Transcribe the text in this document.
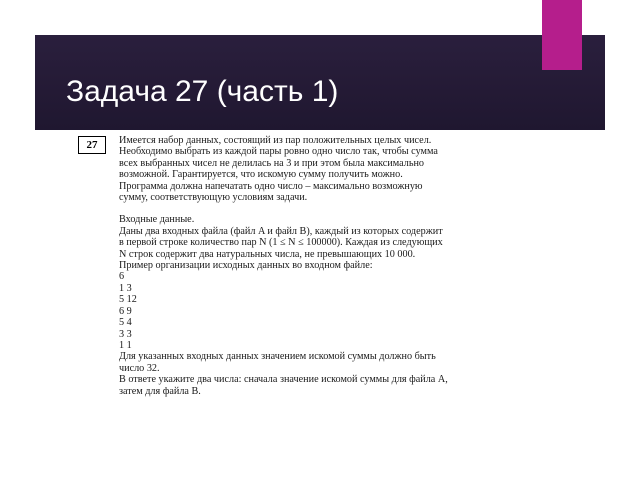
Задача 27 (часть 1)
27	Имеется набор данных, состоящий из пар положительных целых чисел.

Необходимо выбрать из каждой пары ровно одно число так, чтобы сумма

всех выбранных чисел не делилась на 3 и при этом была максимально

возможной. Гарантируется, что искомую сумму получить можно.

Программа должна напечатать одно число – максимально возможную

сумму, соответствующую условиям задачи.

Входные данные.

Даны два входных файла (файл A и файл B), каждый из которых содержит

в первой строке количество пар N (1 ≤ N ≤ 100000). Каждая из следующих

N строк содержит два натуральных числа, не превышающих 10 000.

Пример организации исходных данных во входном файле:

6

1 3

5 12

6 9

5 4

3 3

1 1

Для указанных входных данных значением искомой суммы должно быть

число 32.

В ответе укажите два числа: сначала значение искомой суммы для файла A,

затем для файла B.
